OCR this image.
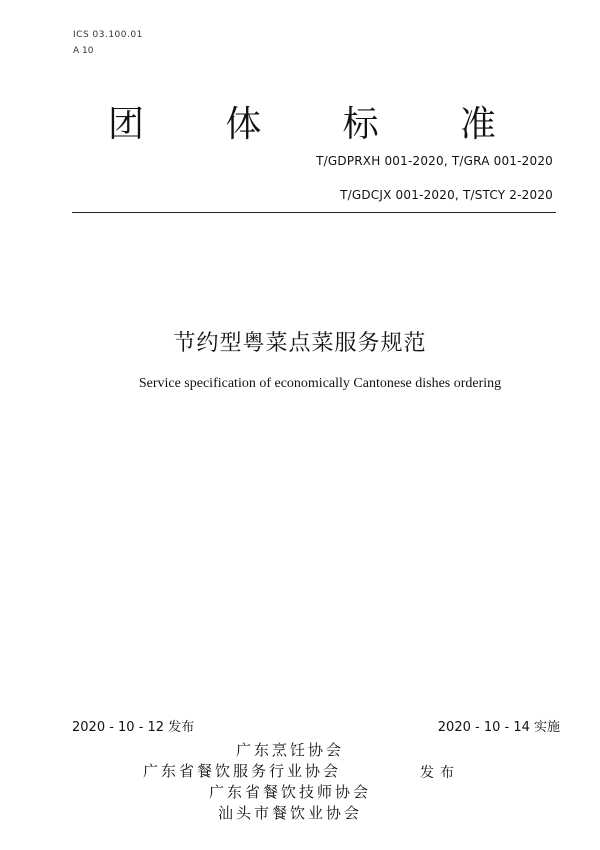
ICS 03.100.01
A 10
团 体 标 准
T/GDPRXH 001-2020, T/GRA 001-2020
T/GDCJX 001-2020, T/STCY 2-2020
节约型粤菜点菜服务规范
Service specification of economically Cantonese dishes ordering
2020 - 10 - 12 发布	2020 - 10 - 14 实施
广东烹饪协会
广东省餐饮服务行业协会
广东省餐饮技师协会
汕头市餐饮业协会
发布
